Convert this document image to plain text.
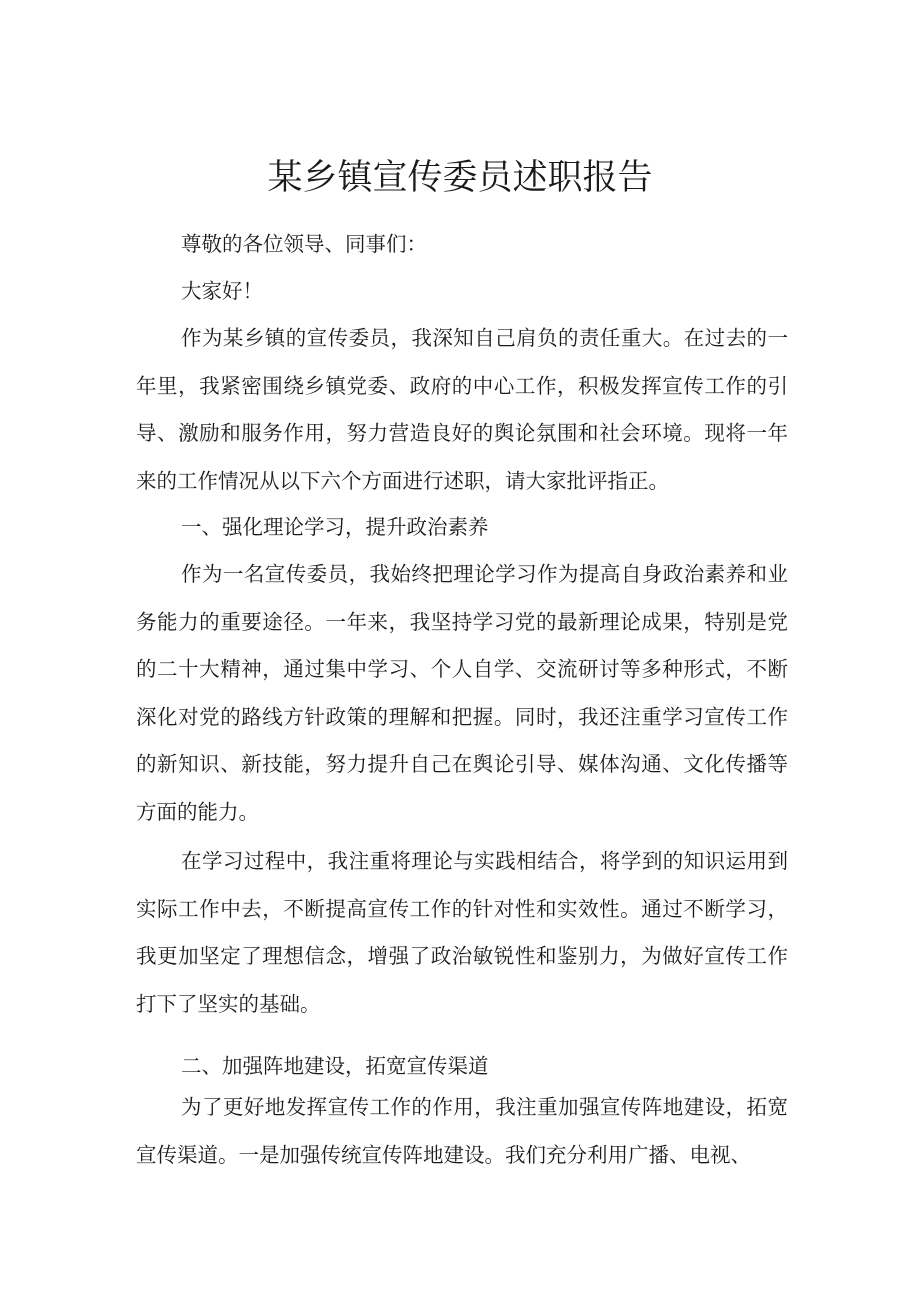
某乡镇宣传委员述职报告

尊敬的各位领导、同事们：

大家好！

作为某乡镇的宣传委员，我深知自己肩负的责任重大。在过去的一年里，我紧密围绕乡镇党委、政府的中心工作，积极发挥宣传工作的引导、激励和服务作用，努力营造良好的舆论氛围和社会环境。现将一年来的工作情况从以下六个方面进行述职，请大家批评指正。

一、强化理论学习，提升政治素养

作为一名宣传委员，我始终把理论学习作为提高自身政治素养和业务能力的重要途径。一年来，我坚持学习党的最新理论成果，特别是党的二十大精神，通过集中学习、个人自学、交流研讨等多种形式，不断深化对党的路线方针政策的理解和把握。同时，我还注重学习宣传工作的新知识、新技能，努力提升自己在舆论引导、媒体沟通、文化传播等方面的能力。

在学习过程中，我注重将理论与实践相结合，将学到的知识运用到实际工作中去，不断提高宣传工作的针对性和实效性。通过不断学习，我更加坚定了理想信念，增强了政治敏锐性和鉴别力，为做好宣传工作打下了坚实的基础。

二、加强阵地建设，拓宽宣传渠道

为了更好地发挥宣传工作的作用，我注重加强宣传阵地建设，拓宽宣传渠道。一是加强传统宣传阵地建设。我们充分利用广播、电视、
